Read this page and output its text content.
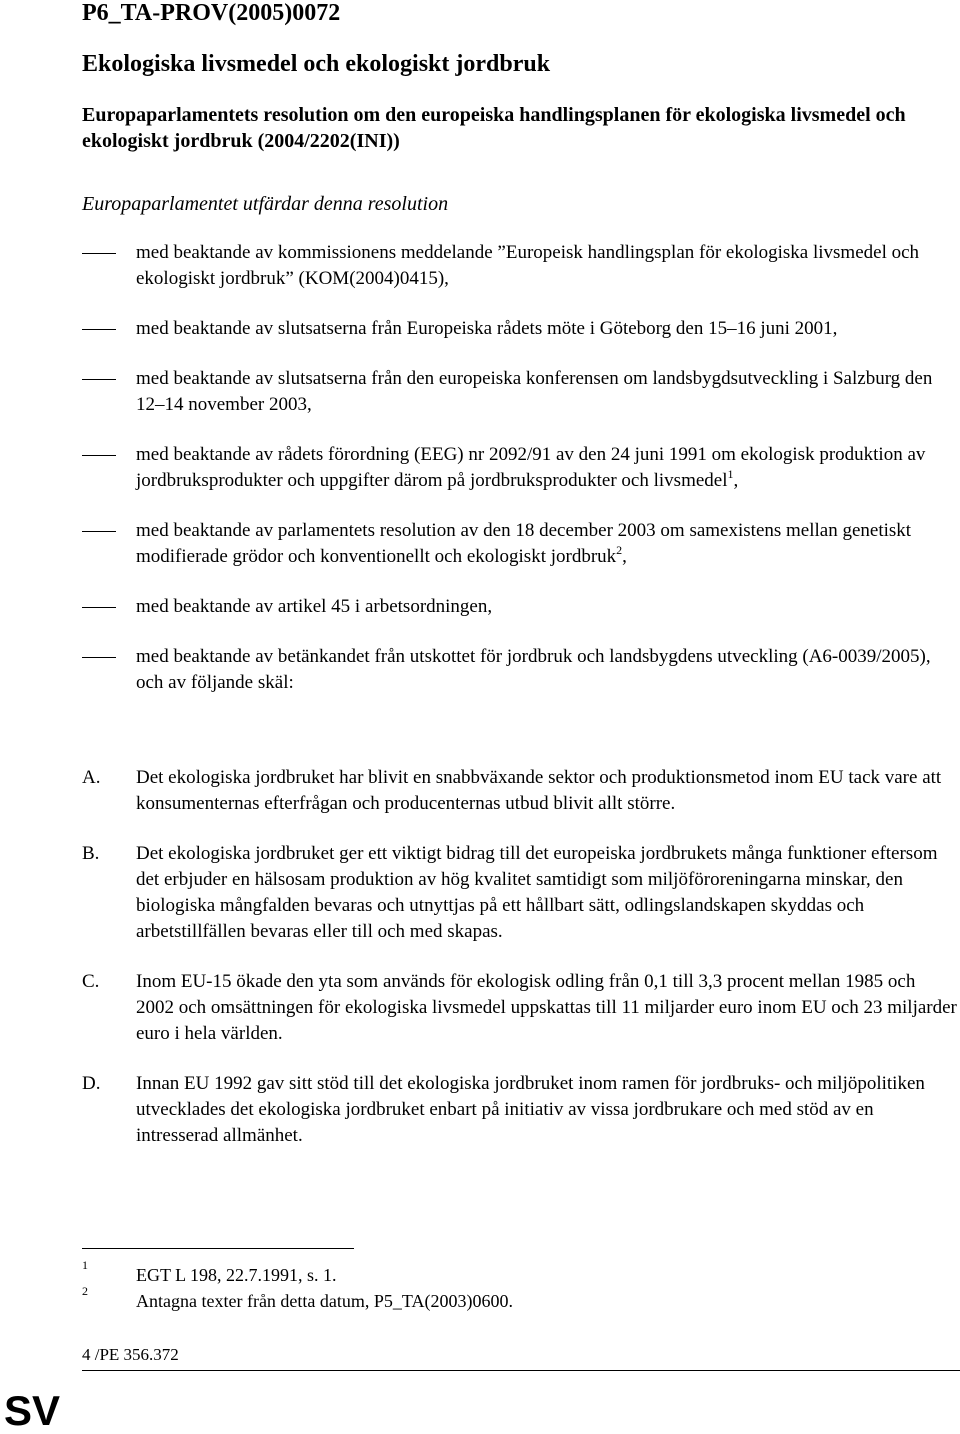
P6_TA-PROV(2005)0072
Ekologiska livsmedel och ekologiskt jordbruk
Europaparlamentets resolution om den europeiska handlingsplanen för ekologiska livsmedel och ekologiskt jordbruk (2004/2202(INI))
Europaparlamentet utfärdar denna resolution
med beaktande av kommissionens meddelande ”Europeisk handlingsplan för ekologiska livsmedel och ekologiskt jordbruk” (KOM(2004)0415),
med beaktande av slutsatserna från Europeiska rådets möte i Göteborg den 15–16 juni 2001,
med beaktande av slutsatserna från den europeiska konferensen om landsbygdsutveckling i Salzburg den 12–14 november 2003,
med beaktande av rådets förordning (EEG) nr 2092/91 av den 24 juni 1991 om ekologisk produktion av jordbruksprodukter och uppgifter därom på jordbruksprodukter och livsmedel$^1$,
med beaktande av parlamentets resolution av den 18 december 2003 om samexistens mellan genetiskt modifierade grödor och konventionellt och ekologiskt jordbruk$^2$,
med beaktande av artikel 45 i arbetsordningen,
med beaktande av betänkandet från utskottet för jordbruk och landsbygdens utveckling (A6-0039/2005), och av följande skäl:
A. Det ekologiska jordbruket har blivit en snabbväxande sektor och produktionsmetod inom EU tack vare att konsumenternas efterfrågan och producenternas utbud blivit allt större.
B. Det ekologiska jordbruket ger ett viktigt bidrag till det europeiska jordbrukets många funktioner eftersom det erbjuder en hälsosam produktion av hög kvalitet samtidigt som miljöföroreningarna minskar, den biologiska mångfalden bevaras och utnyttjas på ett hållbart sätt, odlingslandskapen skyddas och arbetstillfällen bevaras eller till och med skapas.
C. Inom EU-15 ökade den yta som används för ekologisk odling från 0,1 till 3,3 procent mellan 1985 och 2002 och omsättningen för ekologiska livsmedel uppskattas till 11 miljarder euro inom EU och 23 miljarder euro i hela världen.
D. Innan EU 1992 gav sitt stöd till det ekologiska jordbruket inom ramen för jordbruks- och miljöpolitiken utvecklades det ekologiska jordbruket enbart på initiativ av vissa jordbrukare och med stöd av en intresserad allmänhet.
1	EGT L 198, 22.7.1991, s. 1.
2	Antagna texter från detta datum, P5_TA(2003)0600.
4 /PE 356.372
SV
